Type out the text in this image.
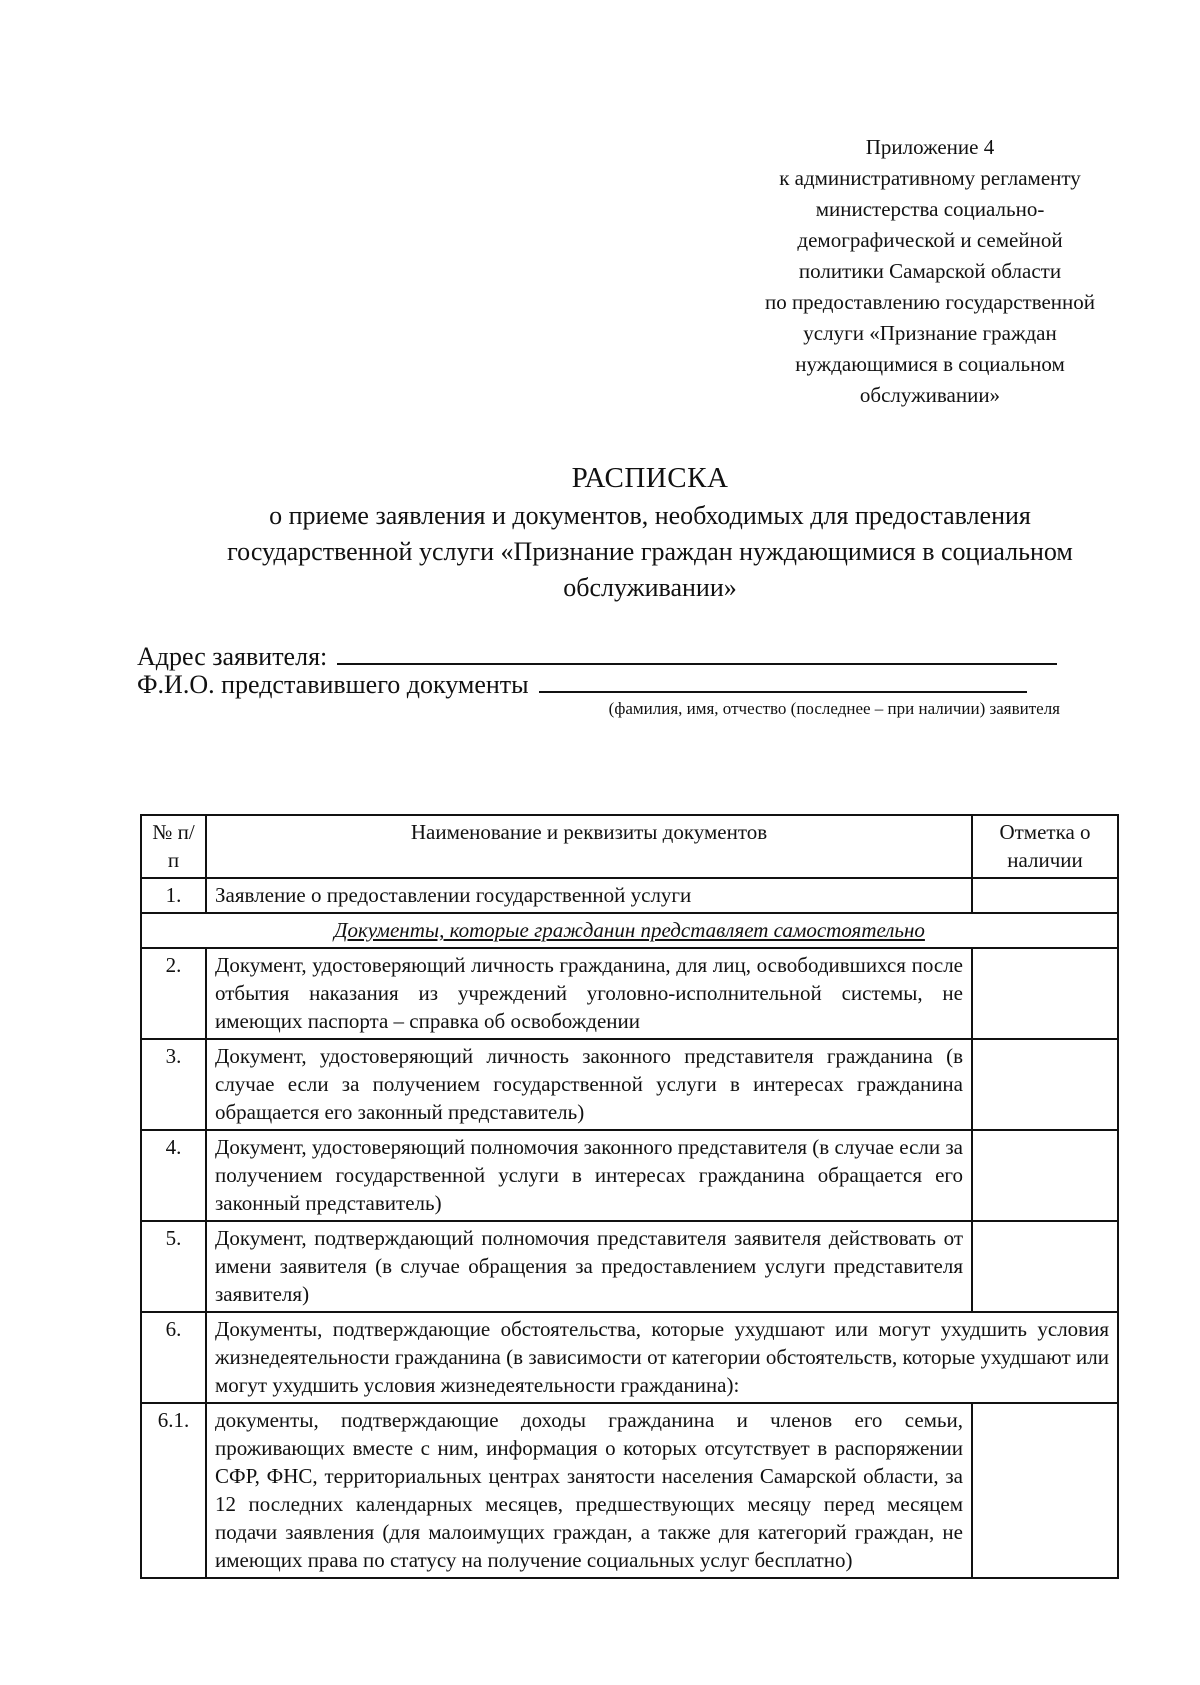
Приложение 4
к административному регламенту
министерства социально-
демографической и семейной
политики Самарской области
по предоставлению государственной
услуги «Признание граждан
нуждающимися в социальном
обслуживании»
РАСПИСКА
о приеме заявления и документов, необходимых для предоставления
государственной услуги «Признание граждан нуждающимися в социальном
обслуживании»
Адрес заявителя:
Ф.И.О. представившего документы
(фамилия, имя, отчество (последнее – при наличии) заявителя
№ п/п	Наименование и реквизиты документов	Отметка о наличии
1.	Заявление о предоставлении государственной услуги	
Документы, которые гражданин представляет самостоятельно		
2.	Документ, удостоверяющий личность гражданина, для лиц, освободившихся после отбытия наказания из учреждений уголовно-исполнительной системы, не имеющих паспорта – справка об освобождении	
3.	Документ, удостоверяющий личность законного представителя гражданина (в случае если за получением государственной услуги в интересах гражданина обращается его законный представитель)	
4.	Документ, удостоверяющий полномочия законного представителя (в случае если за получением государственной услуги в интересах гражданина обращается его законный представитель)	
5.	Документ, подтверждающий полномочия представителя заявителя действовать от имени заявителя (в случае обращения за предоставлением услуги представителя заявителя)	
6.	Документы, подтверждающие обстоятельства, которые ухудшают или могут ухудшить условия жизнедеятельности гражданина (в зависимости от категории обстоятельств, которые ухудшают или могут ухудшить условия жизнедеятельности гражданина):	
6.1.	документы, подтверждающие доходы гражданина и членов его семьи, проживающих вместе с ним, информация о которых отсутствует в распоряжении СФР, ФНС, территориальных центрах занятости населения Самарской области, за 12 последних календарных месяцев, предшествующих месяцу перед месяцем подачи заявления (для малоимущих граждан, а также для категорий граждан, не имеющих права по статусу на получение социальных услуг бесплатно)	
